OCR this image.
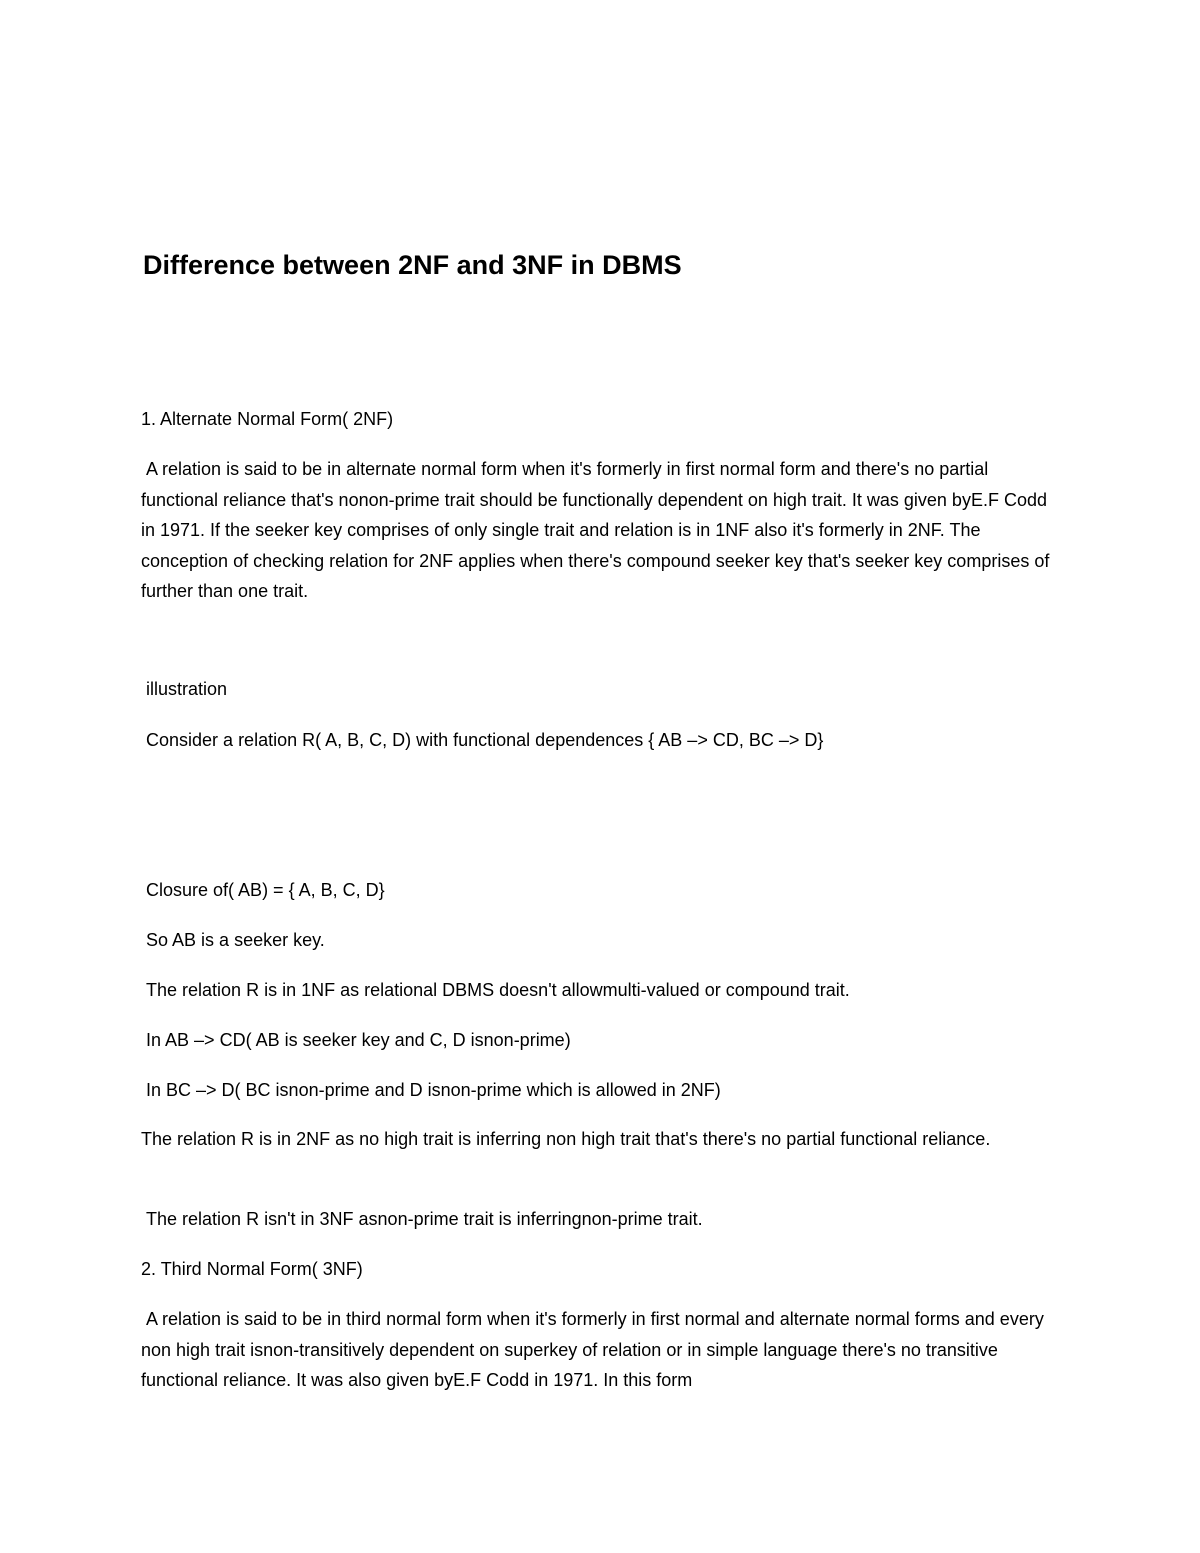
Difference between 2NF and 3NF in DBMS

1. Alternate Normal Form( 2NF)

A relation is said to be in alternate normal form when it's formerly in first normal form and there's no partial functional reliance that's nonon-prime trait should be functionally dependent on high trait. It was given byE.F Codd in 1971. If the seeker key comprises of only single trait and relation is in 1NF also it's formerly in 2NF. The conception of checking relation for 2NF applies when there's compound seeker key that's seeker key comprises of further than one trait.

illustration

Consider a relation R( A, B, C, D) with functional dependences { AB –> CD, BC –> D}

Closure of( AB) = { A, B, C, D}

So AB is a seeker key.

The relation R is in 1NF as relational DBMS doesn't allowmulti-valued or compound trait.

In AB –> CD( AB is seeker key and C, D isnon-prime)

In BC –> D( BC isnon-prime and D isnon-prime which is allowed in 2NF)

The relation R is in 2NF as no high trait is inferring non high trait that's there's no partial functional reliance.

The relation R isn't in 3NF asnon-prime trait is inferringnon-prime trait.

2. Third Normal Form( 3NF)

A relation is said to be in third normal form when it's formerly in first normal and alternate normal forms and every non high trait isnon-transitively dependent on superkey of relation or in simple language there's no transitive functional reliance. It was also given byE.F Codd in 1971. In this form
